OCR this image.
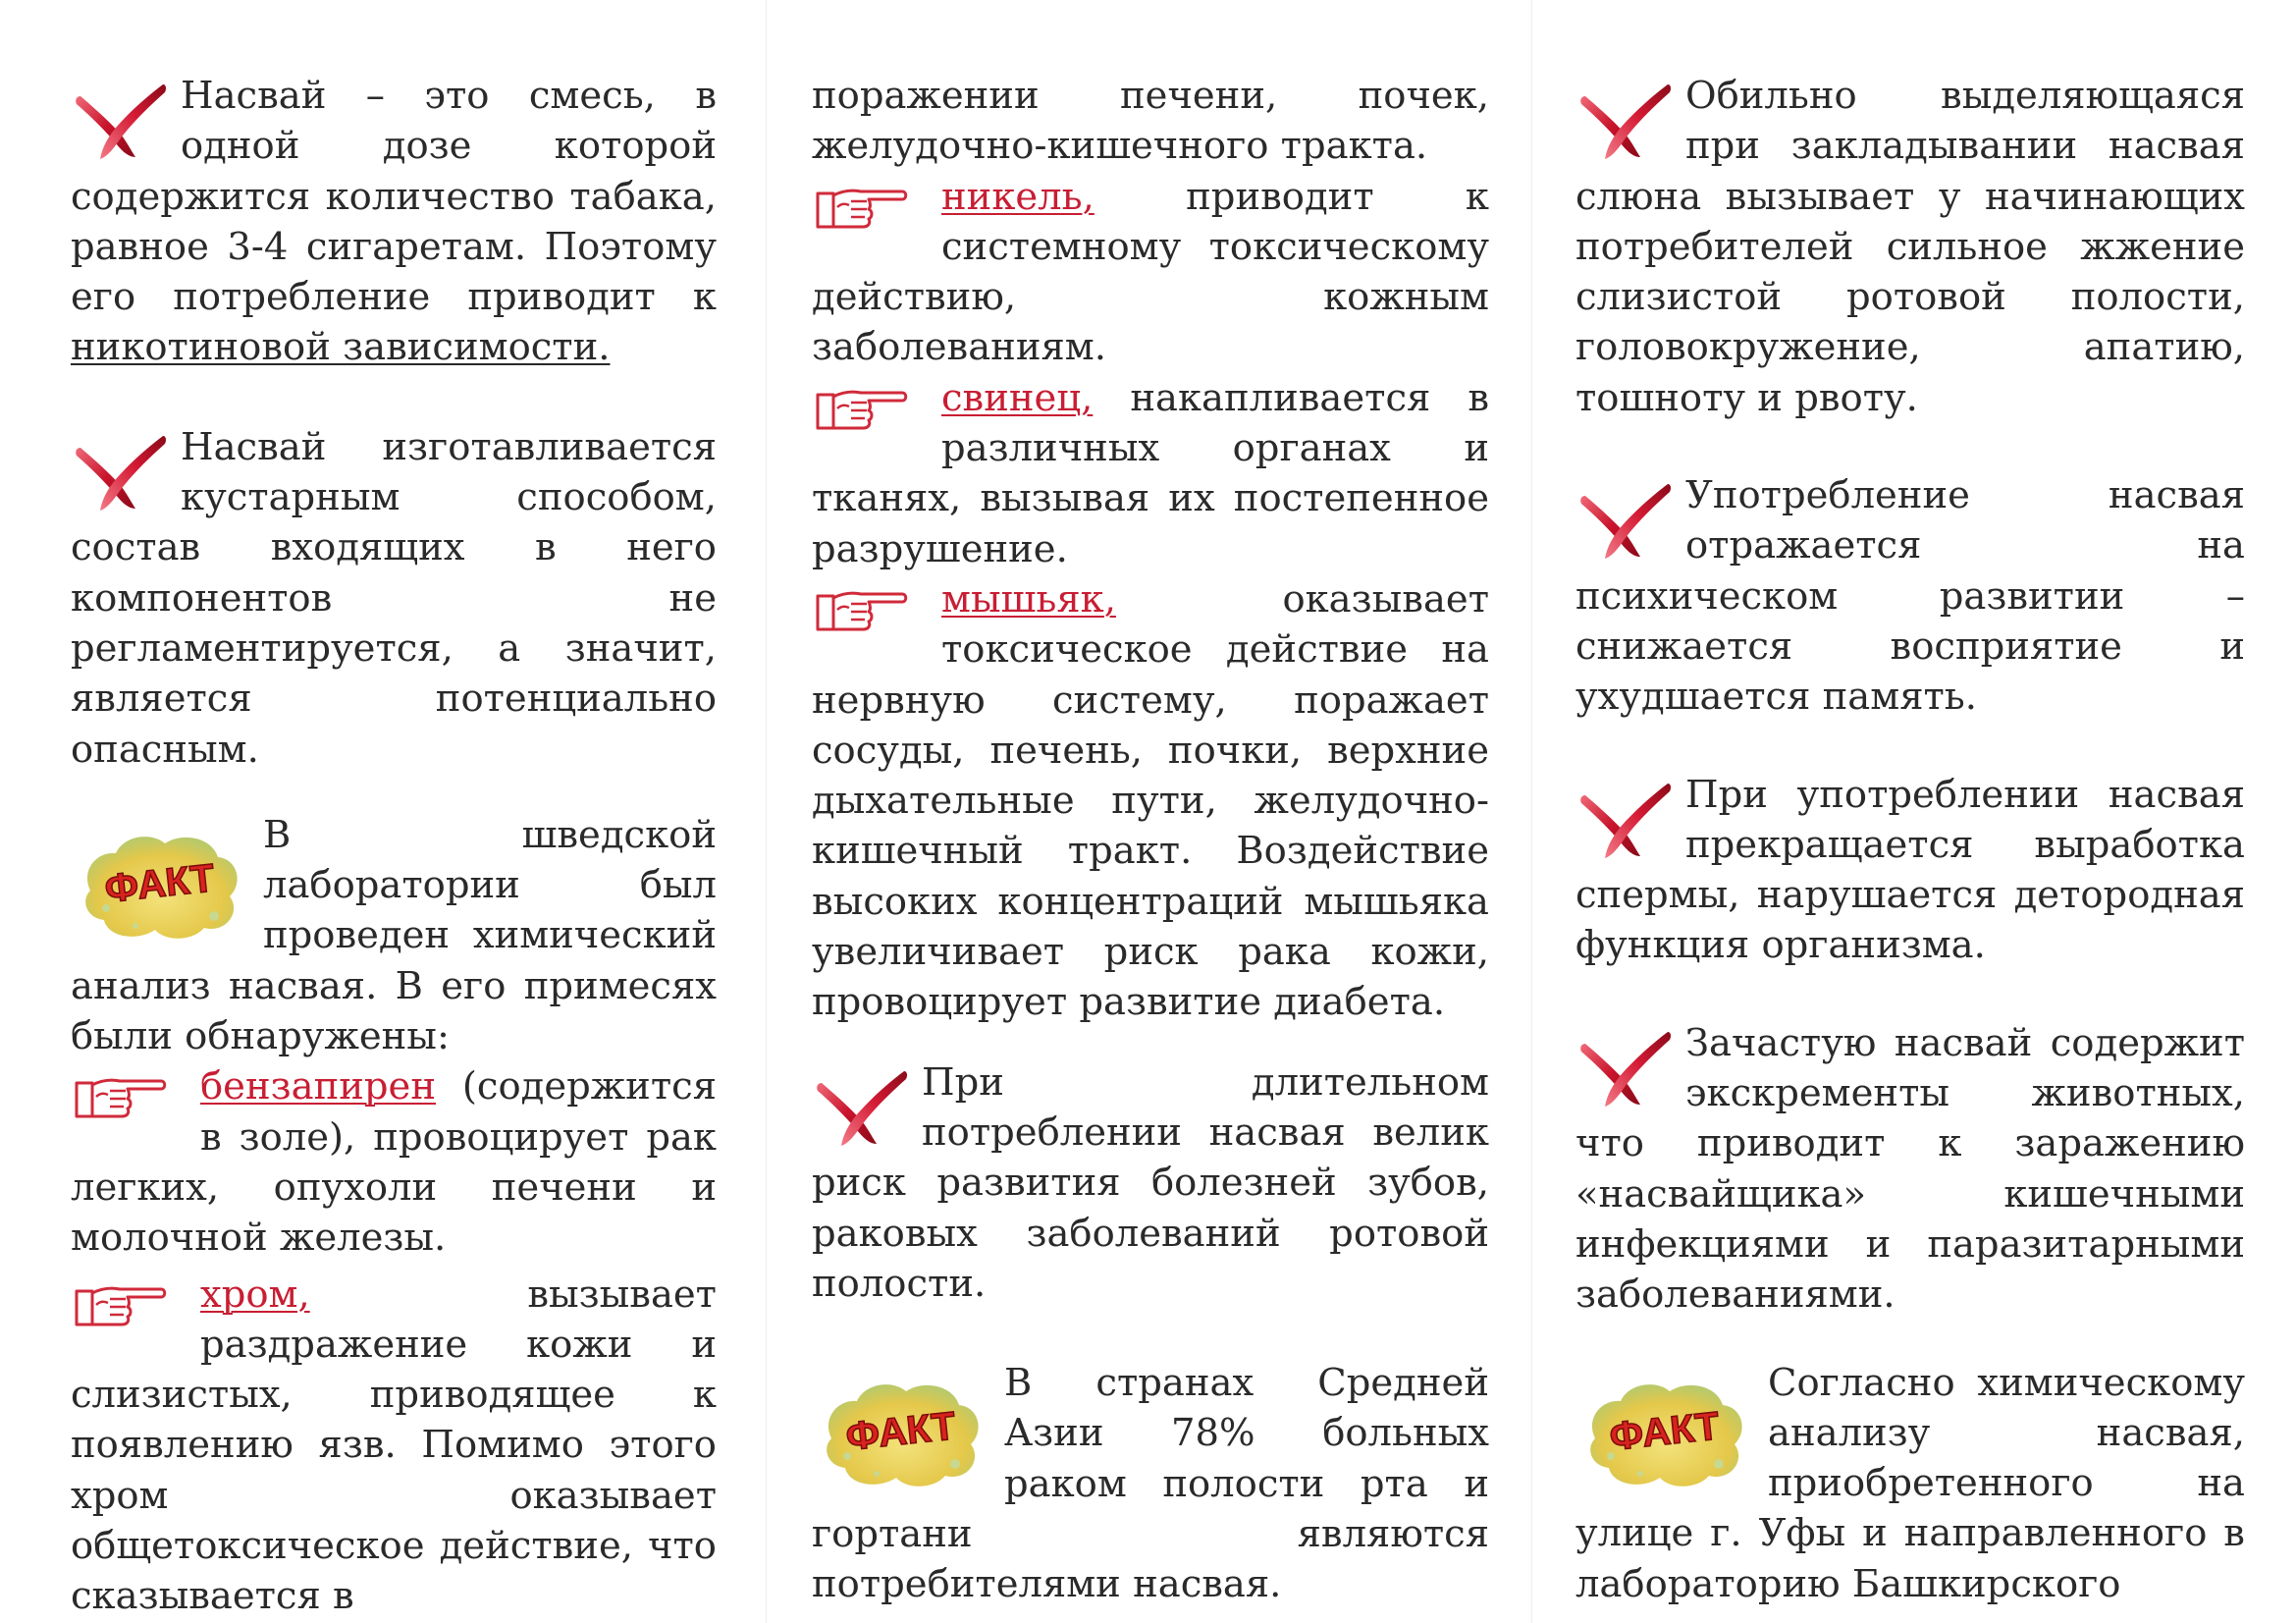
Насвай – это смесь, в одной дозе которой содержится количество табака, равное 3-4 сигаретам. Поэтому его потребление приводит к никотиновой зависимости.
Насвай изготавливается кустарным способом, состав входящих в него компонентов не регламентируется, а значит, является потенциально опасным.
В шведской лаборатории был проведен химический анализ насвая. В его примесях были обнаружены:
бензапирен (содержится в золе), провоцирует рак легких, опухоли печени и молочной железы.
хром, вызывает раздражение кожи и слизистых, приводящее к появлению язв. Помимо этого хром оказывает общетоксическое действие, что сказывается в
поражении печени, почек, желудочно-кишечного тракта.
никель, приводит к системному токсическому действию, кожным заболеваниям.
свинец, накапливается в различных органах и тканях, вызывая их постепенное разрушение.
мышьяк, оказывает токсическое действие на нервную систему, поражает сосуды, печень, почки, верхние дыхательные пути, желудочно-кишечный тракт. Воздействие высоких концентраций мышьяка увеличивает риск рака кожи, провоцирует развитие диабета.
При длительном потреблении насвая велик риск развития болезней зубов, раковых заболеваний ротовой полости.
В странах Средней Азии 78% больных раком полости рта и гортани являются потребителями насвая.
Обильно выделяющаяся при закладывании насвая слюна вызывает у начинающих потребителей сильное жжение слизистой ротовой полости, головокружение, апатию, тошноту и рвоту.
Употребление насвая отражается на психическом развитии – снижается восприятие и ухудшается память.
При употреблении насвая прекращается выработка спермы, нарушается детородная функция организма.
Зачастую насвай содержит экскременты животных, что приводит к заражению «насвайщика» кишечными инфекциями и паразитарными заболеваниями.
Согласно химическому анализу насвая, приобретенного на улице г. Уфы и направленного в лабораторию Башкирского
